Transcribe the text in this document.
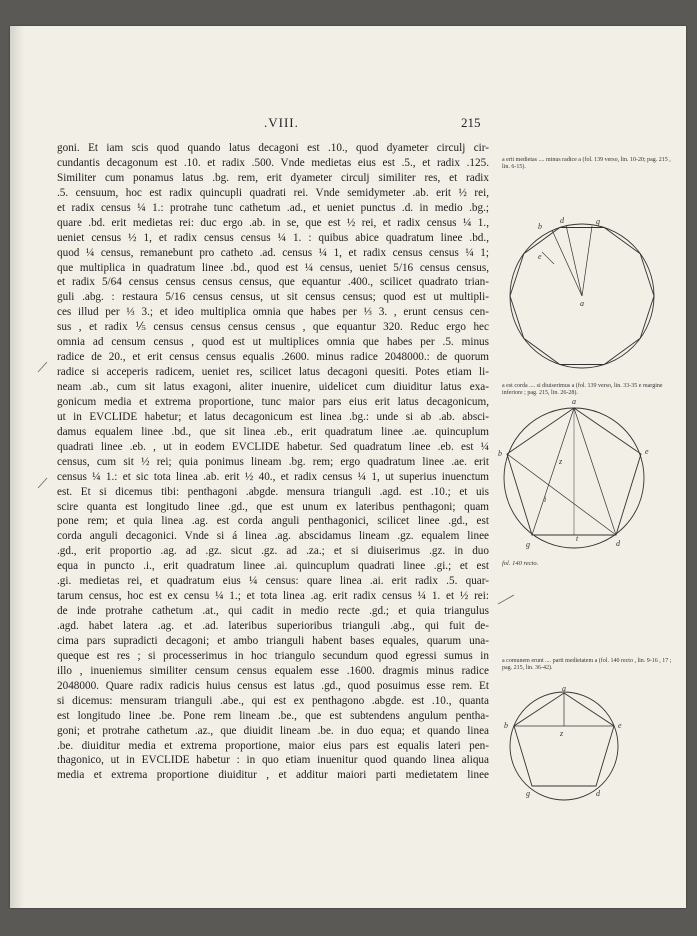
.VIII.	215
goni. Et iam scis quod quando latus decagoni est .10., quod dyameter circulj cir-
cundantis decagonum est .10. et radix .500. Vnde medietas eius est .5., et radix .125.
Similiter cum ponamus latus .bg. rem, erit dyameter circulj similiter res, et radix
.5. censuum, hoc est radix quincupli quadrati rei. Vnde semidymeter .ab. erit ½ rei,
et radix census ¼ 1.: protrahe tunc cathetum .ad., et ueniet punctus .d. in medio .bg.;
quare .bd. erit medietas rei: duc ergo .ab. in se, que est ½ rei, et radix census ¼ 1.,
ueniet census ½ 1, et radix census census ¼ 1. : quibus abice quadratum linee .bd.,
quod ¼ census, remanebunt pro catheto .ad. census ¼ 1, et radix census census ¼ 1;
que multiplica in quadratum linee .bd., quod est ¼ census, ueniet 5/16 census census,
et radix 5/64 census census census census, que equantur .400., scilicet quadrato trian-
guli .abg. : restaura 5/16 census census, ut sit census census; quod est ut multipli-
ces illud per ⅓ 3.; et ideo multiplica omnia que habes per ⅓ 3. , erunt census cen-
sus , et radix ⅕ census census census census , que equantur 320. Reduc ergo hec
omnia ad censum census , quod est ut multiplices omnia que habes per .5. minus
radice de 20., et erit census census equalis .2600. minus radice 2048000.: de quorum
radice si acceperis radicem, ueniet res, scilicet latus decagoni quesiti. Potes etiam li-
neam .ab., cum sit latus exagoni, aliter inuenire, uidelicet cum diuiditur latus exa-
gonicum media et extrema proportione, tunc maior pars eius erit latus decagonicum,
ut in EVCLIDE habetur; et latus decagonicum est linea .bg.: unde si ab .ab. absci-
damus equalem linee .bd., que sit linea .eb., erit quadratum linee .ae. quincuplum
quadrati linee .eb. , ut in eodem EVCLIDE habetur. Sed quadratum linee .eb. est ¼
census, cum sit ½ rei; quia ponimus lineam .bg. rem; ergo quadratum linee .ae. erit
census ¼ 1.: et sic tota linea .ab. erit ½ 40., et radix census ¼ 1, ut superius inuenctum
est. Et si dicemus tibi: penthagoni .abgde. mensura trianguli .agd. est .10.; et uis
scire quanta est longitudo linee .gd., que est unum ex lateribus penthagoni; quam
pone rem; et quia linea .ag. est corda anguli penthagonici, scilicet linee .gd., est
corda anguli decagonici. Vnde si á linea .ag. abscidamus lineam .gz. equalem linee
.gd., erit proportio .ag. ad .gz. sicut .gz. ad .za.; et si diuiserimus .gz. in duo
equa in puncto .i., erit quadratum linee .ai. quincuplum quadrati linee .gi.; et est
.gi. medietas rei, et quadratum eius ¼ census: quare linea .ai. erit radix .5. quar-
tarum census, hoc est ex censu ¼ 1.; et tota linea .ag. erit radix census ¼ 1. et ½ rei:
de inde protrahe cathetum .at., qui cadit in medio recte .gd.; et quia triangulus
.agd. habet latera .ag. et .ad. lateribus superioribus trianguli .abg., qui fuit de-
cima pars supradicti decagoni; et ambo trianguli habent bases equales, quarum una-
queque est res ; si processerimus in hoc triangulo secundum quod egressi sumus in
illo , inueniemus similiter censum census equalem esse .1600. dragmis minus radice
2048000. Quare radix radicis huius census est latus .gd., quod posuimus esse rem. Et
si dicemus: mensuram trianguli .abe., qui est ex penthagono .abgde. est .10., quanta
est longitudo linee .be. Pone rem lineam .be., que est subtendens angulum pentha-
goni; et protrahe cathetum .az., que diuidit lineam .be. in duo equa; et quando linea
.be. diuiditur media et extrema proportione, maior eius pars est equalis lateri pen-
thagonico, ut in EVCLIDE habetur : in quo etiam inuenitur quod quando linea aliqua
media et extrema proportione diuiditur , et additur maiori parti medietatem linee
a erit medietas .... minus radice a (fol. 139 verso, lin. 10-20; pag. 215 , lin. 6-15).
b
d	g
e
a
a est corda .... si diuiserimus a (fol. 139 verso, lin. 33-35 e margine inferiore ; pag. 215, lin. 26-28).
a
e
b
g	d
i
t
z
fol. 140 recto.
a comunem erunt .... parti medietatem a (fol. 140 recto , lin. 9-16 , 17 ; pag. 215, lin. 36-42).
a
z
b	e
g	d
